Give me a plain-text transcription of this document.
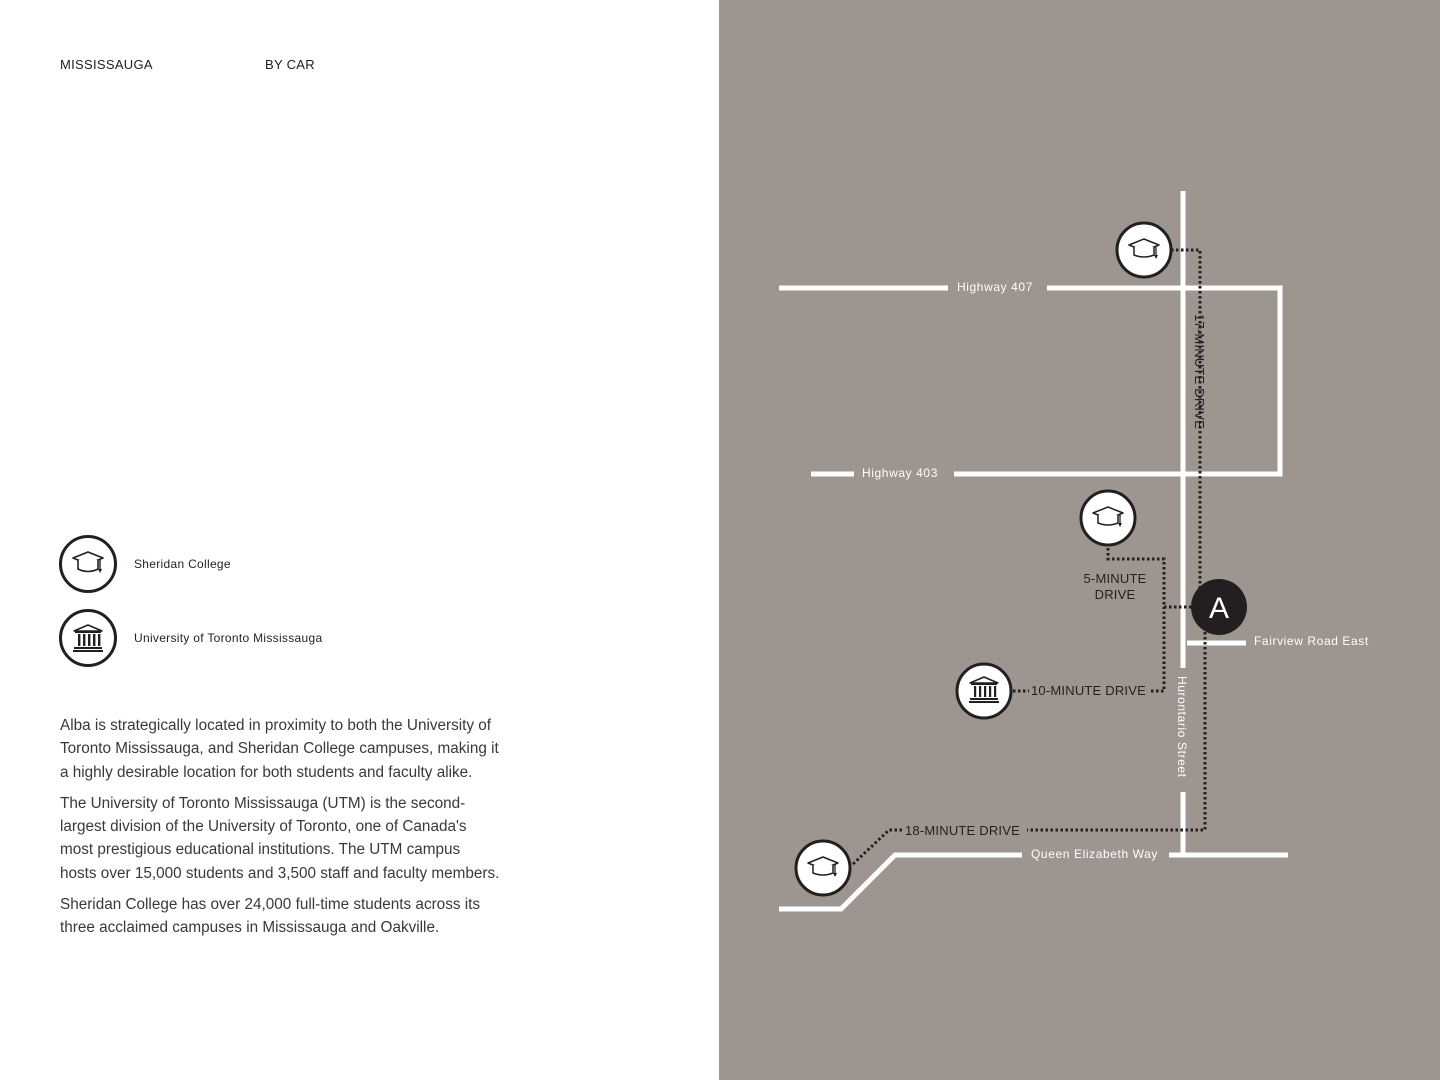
MISSISSAUGA	BY CAR
Sheridan College
University of Toronto Mississauga

Alba is strategically located in proximity to both the University of Toronto Mississauga, and Sheridan College campuses, making it a highly desirable location for both students and faculty alike.

The University of Toronto Mississauga (UTM) is the second-largest division of the University of Toronto, one of Canada's most prestigious educational institutions. The UTM campus hosts over 15,000 students and 3,500 staff and faculty members.

Sheridan College has over 24,000 full-time students across its three acclaimed campuses in Mississauga and Oakville.

Highway 407
Highway 403
Fairview Road East
Queen Elizabeth Way
Hurontario Street
17-MINUTE DRIVE
5-MINUTE
DRIVE
10-MINUTE DRIVE
18-MINUTE DRIVE
A
